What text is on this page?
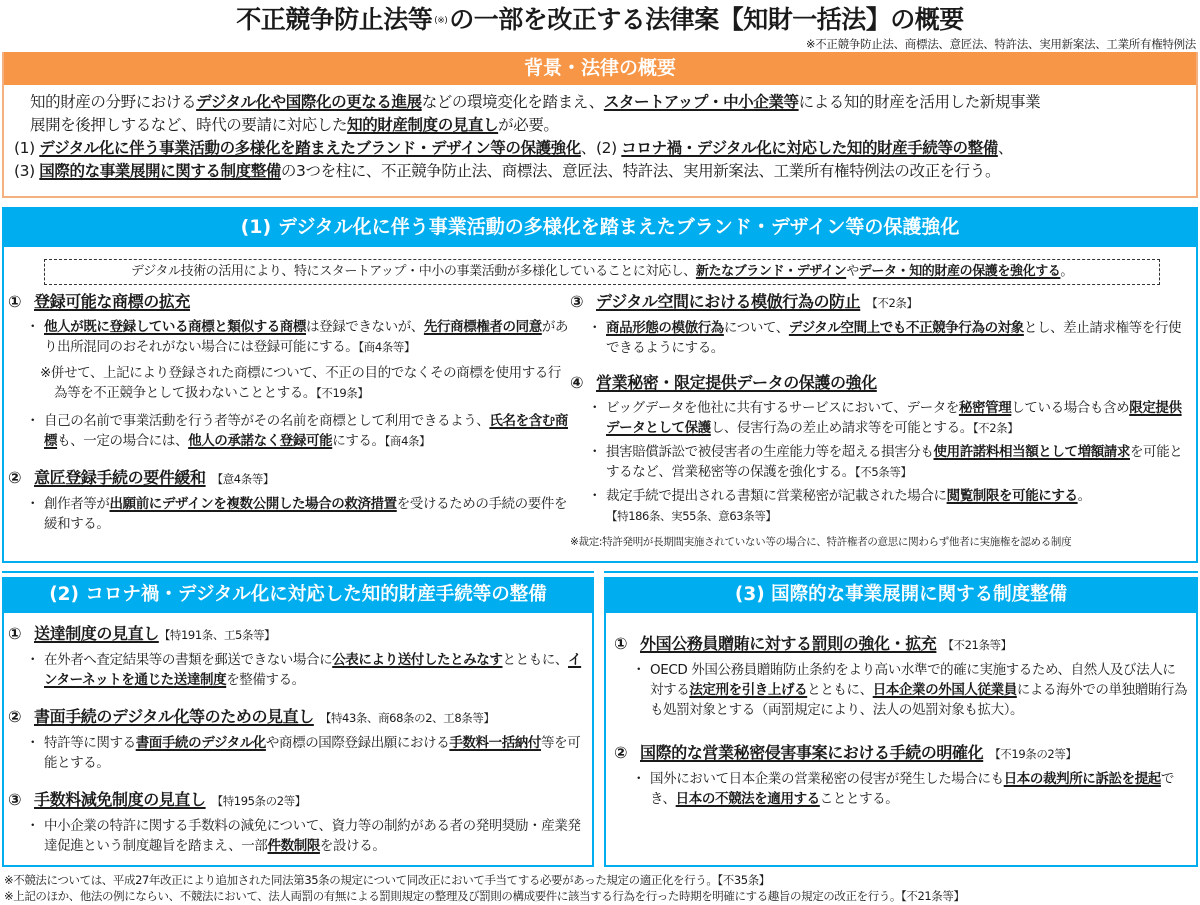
不正競争防止法等 (※)の一部を改正する法律案【知財一括法】の概要
※不正競争防止法、商標法、意匠法、特許法、実用新案法、工業所有権特例法
背景・法律の概要
知的財産の分野におけるデジタル化や国際化の更なる進展などの環境変化を踏まえ、スタートアップ・中小企業等による知的財産を活用した新規事業
展開を後押しするなど、時代の要請に対応した知的財産制度の見直しが必要。
(1) デジタル化に伴う事業活動の多様化を踏まえたブランド・デザイン等の保護強化、(2) コロナ禍・デジタル化に対応した知的財産手続等の整備、
(3) 国際的な事業展開に関する制度整備の3つを柱に、不正競争防止法、商標法、意匠法、特許法、実用新案法、工業所有権特例法の改正を行う。
(1) デジタル化に伴う事業活動の多様化を踏まえたブランド・デザイン等の保護強化
デジタル技術の活用により、特にスタートアップ・中小の事業活動が多様化していることに対応し、新たなブランド・デザインやデータ・知的財産の保護を強化する。
① 登録可能な商標の拡充
・ 他人が既に登録している商標と類似する商標は登録できないが、先行商標権者の同意があり出所混同のおそれがない場合には登録可能にする。【商4条等】
※併せて、上記により登録された商標について、不正の目的でなくその商標を使用する行為等を不正競争として扱わないこととする。【不19条】
・ 自己の名前で事業活動を行う者等がその名前を商標として利用できるよう、氏名を含む商標も、一定の場合には、他人の承諾なく登録可能にする。【商4条】
② 意匠登録手続の要件緩和 【意4条等】
・ 創作者等が出願前にデザインを複数公開した場合の救済措置を受けるための手続の要件を緩和する。
③ デジタル空間における模倣行為の防止 【不2条】
・ 商品形態の模倣行為について、デジタル空間上でも不正競争行為の対象とし、差止請求権等を行使できるようにする。
④ 営業秘密・限定提供データの保護の強化
・ ビッグデータを他社に共有するサービスにおいて、データを秘密管理している場合も含め限定提供データとして保護し、侵害行為の差止め請求等を可能とする。【不2条】
・ 損害賠償訴訟で被侵害者の生産能力等を超える損害分も使用許諾料相当額として増額請求を可能とするなど、営業秘密等の保護を強化する。【不5条等】
・ 裁定手続で提出される書類に営業秘密が記載された場合に閲覧制限を可能にする。
【特186条、実55条、意63条等】
※裁定:特許発明が長期間実施されていない等の場合に、特許権者の意思に関わらず他者に実施権を認める制度
(2) コロナ禍・デジタル化に対応した知的財産手続等の整備
① 送達制度の見直し 【特191条、工5条等】
・ 在外者へ査定結果等の書類を郵送できない場合に公表により送付したとみなすとともに、インターネットを通じた送達制度を整備する。
② 書面手続のデジタル化等のための見直し 【特43条、商68条の2、工8条等】
・ 特許等に関する書面手続のデジタル化や商標の国際登録出願における手数料一括納付等を可能とする。
③ 手数料減免制度の見直し 【特195条の2等】
・ 中小企業の特許に関する手数料の減免について、資力等の制約がある者の発明奨励・産業発達促進という制度趣旨を踏まえ、一部件数制限を設ける。
(3) 国際的な事業展開に関する制度整備
① 外国公務員贈賄に対する罰則の強化・拡充 【不21条等】
・ OECD 外国公務員贈賄防止条約をより高い水準で的確に実施するため、自然人及び法人に対する法定刑を引き上げるとともに、日本企業の外国人従業員による海外での単独贈賄行為も処罰対象とする（両罰規定により、法人の処罰対象も拡大）。
② 国際的な営業秘密侵害事案における手続の明確化 【不19条の2等】
・ 国外において日本企業の営業秘密の侵害が発生した場合にも日本の裁判所に訴訟を提起でき、日本の不競法を適用することとする。
※不競法については、平成27年改正により追加された同法第35条の規定について同改正において手当てする必要があった規定の適正化を行う。【不35条】
※上記のほか、他法の例にならい、不競法において、法人両罰の有無による罰則規定の整理及び罰則の構成要件に該当する行為を行った時期を明確にする趣旨の規定の改正を行う。【不21条等】
